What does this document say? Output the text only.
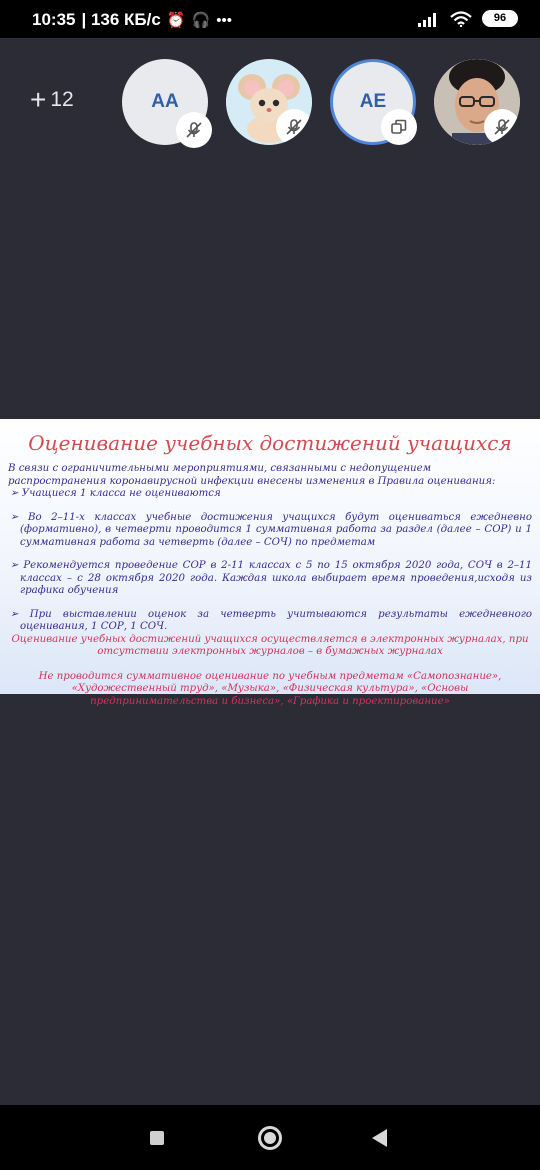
10:35 | 136 КБ/с ⏰ 🎧 •••	96
+ 12	AA	AE
Оценивание учебных достижений учащихся
В связи с ограничительными мероприятиями, связанными с недопущением распространения коронавирусной инфекции внесены изменения в Правила оценивания:
➢ Учащиеся 1 класса не оцениваются
➢ Во 2–11-х классах учебные достижения учащихся будут оцениваться ежедневно (формативно), в четверти проводится 1 суммативная работа за раздел (далее – СОР) и 1 суммативная работа за четверть (далее – СОЧ) по предметам
➢ Рекомендуется проведение СОР в 2-11 классах с 5 по 15 октября 2020 года, СОЧ в 2–11 классах – с 28 октября 2020 года. Каждая школа выбирает время проведения,исходя из графика обучения
➢ При выставлении оценок за четверть учитываются результаты ежедневного оценивания, 1 СОР, 1 СОЧ.
Оценивание учебных достижений учащихся осуществляется в электронных журналах, при отсутствии электронных журналов – в бумажных журналах
Не проводится суммативное оценивание по учебным предметам «Самопознание», «Художественный труд», «Музыка», «Физическая культура», «Основы предпринимательства и бизнеса», «Графика и проектирование»
